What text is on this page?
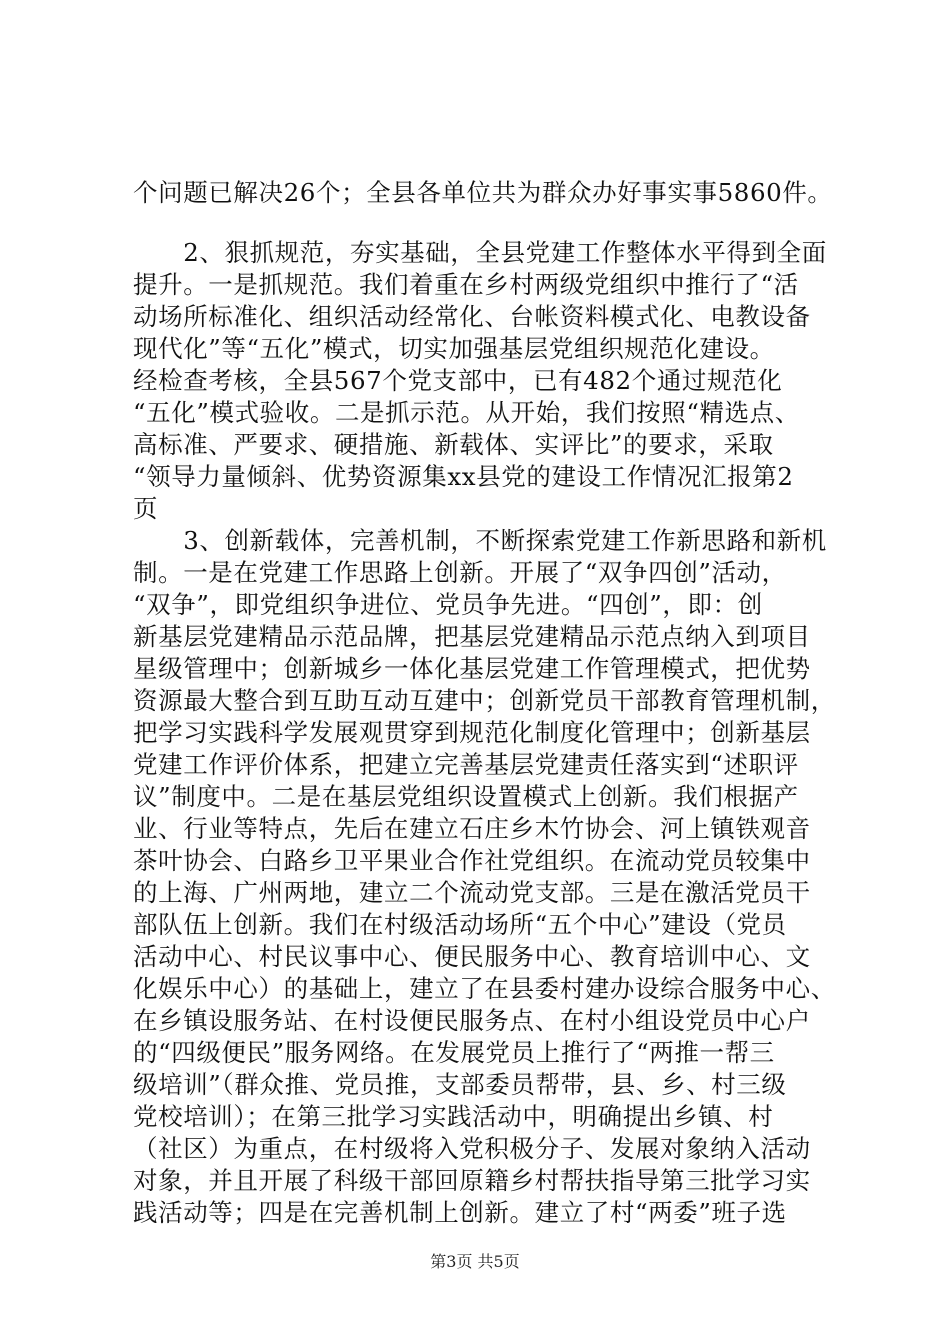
个问题已解决26个；全县各单位共为群众办好事实事5860件。
　　2、狠抓规范，夯实基础，全县党建工作整体水平得到全面
提升。一是抓规范。我们着重在乡村两级党组织中推行了“活
动场所标准化、组织活动经常化、台帐资料模式化、电教设备
现代化”等“五化”模式，切实加强基层党组织规范化建设。
经检查考核，全县567个党支部中，已有482个通过规范化
“五化”模式验收。二是抓示范。从开始，我们按照“精选点、
高标准、严要求、硬措施、新载体、实评比”的要求，采取
“领导力量倾斜、优势资源集xx县党的建设工作情况汇报第2
页
　　3、创新载体，完善机制，不断探索党建工作新思路和新机
制。一是在党建工作思路上创新。开展了“双争四创”活动，
“双争”，即党组织争进位、党员争先进。“四创”，即：创
新基层党建精品示范品牌，把基层党建精品示范点纳入到项目
星级管理中；创新城乡一体化基层党建工作管理模式，把优势
资源最大整合到互助互动互建中；创新党员干部教育管理机制，
把学习实践科学发展观贯穿到规范化制度化管理中；创新基层
党建工作评价体系，把建立完善基层党建责任落实到“述职评
议”制度中。二是在基层党组织设置模式上创新。我们根据产
业、行业等特点，先后在建立石庄乡木竹协会、河上镇铁观音
茶叶协会、白路乡卫平果业合作社党组织。在流动党员较集中
的上海、广州两地，建立二个流动党支部。三是在激活党员干
部队伍上创新。我们在村级活动场所“五个中心”建设（党员
活动中心、村民议事中心、便民服务中心、教育培训中心、文
化娱乐中心）的基础上，建立了在县委村建办设综合服务中心、
在乡镇设服务站、在村设便民服务点、在村小组设党员中心户
的“四级便民”服务网络。在发展党员上推行了“两推一帮三
级培训”（群众推、党员推，支部委员帮带，县、乡、村三级
党校培训）；在第三批学习实践活动中，明确提出乡镇、村
（社区）为重点，在村级将入党积极分子、发展对象纳入活动
对象，并且开展了科级干部回原籍乡村帮扶指导第三批学习实
践活动等；四是在完善机制上创新。建立了村“两委”班子选
第3页 共5页
